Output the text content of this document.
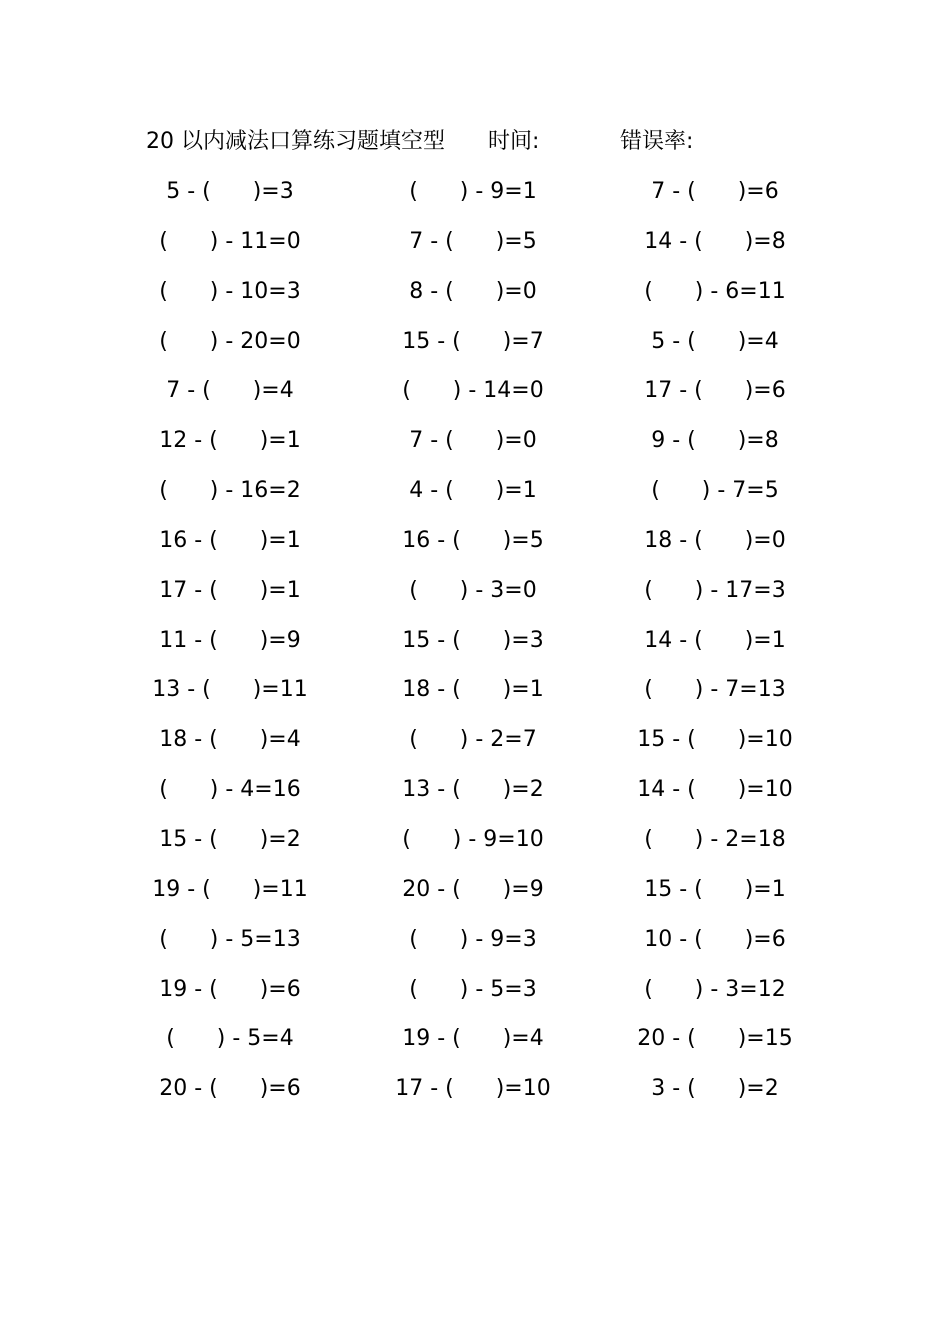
20 以内减法口算练习题填空型 时间:	错误率:
5 - (      )=3	(      ) - 9=1	7 - (      )=6
(      ) - 11=0	7 - (      )=5	14 - (      )=8
(      ) - 10=3	8 - (      )=0	(      ) - 6=11
(      ) - 20=0	15 - (      )=7	5 - (      )=4
7 - (      )=4	(      ) - 14=0	17 - (      )=6
12 - (      )=1	7 - (      )=0	9 - (      )=8
(      ) - 16=2	4 - (      )=1	(      ) - 7=5
16 - (      )=1	16 - (      )=5	18 - (      )=0
17 - (      )=1	(      ) - 3=0	(      ) - 17=3
11 - (      )=9	15 - (      )=3	14 - (      )=1
13 - (      )=11	18 - (      )=1	(      ) - 7=13
18 - (      )=4	(      ) - 2=7	15 - (      )=10
(      ) - 4=16	13 - (      )=2	14 - (      )=10
15 - (      )=2	(      ) - 9=10	(      ) - 2=18
19 - (      )=11	20 - (      )=9	15 - (      )=1
(      ) - 5=13	(      ) - 9=3	10 - (      )=6
19 - (      )=6	(      ) - 5=3	(      ) - 3=12
(      ) - 5=4	19 - (      )=4	20 - (      )=15
20 - (      )=6	17 - (      )=10	3 - (      )=2
